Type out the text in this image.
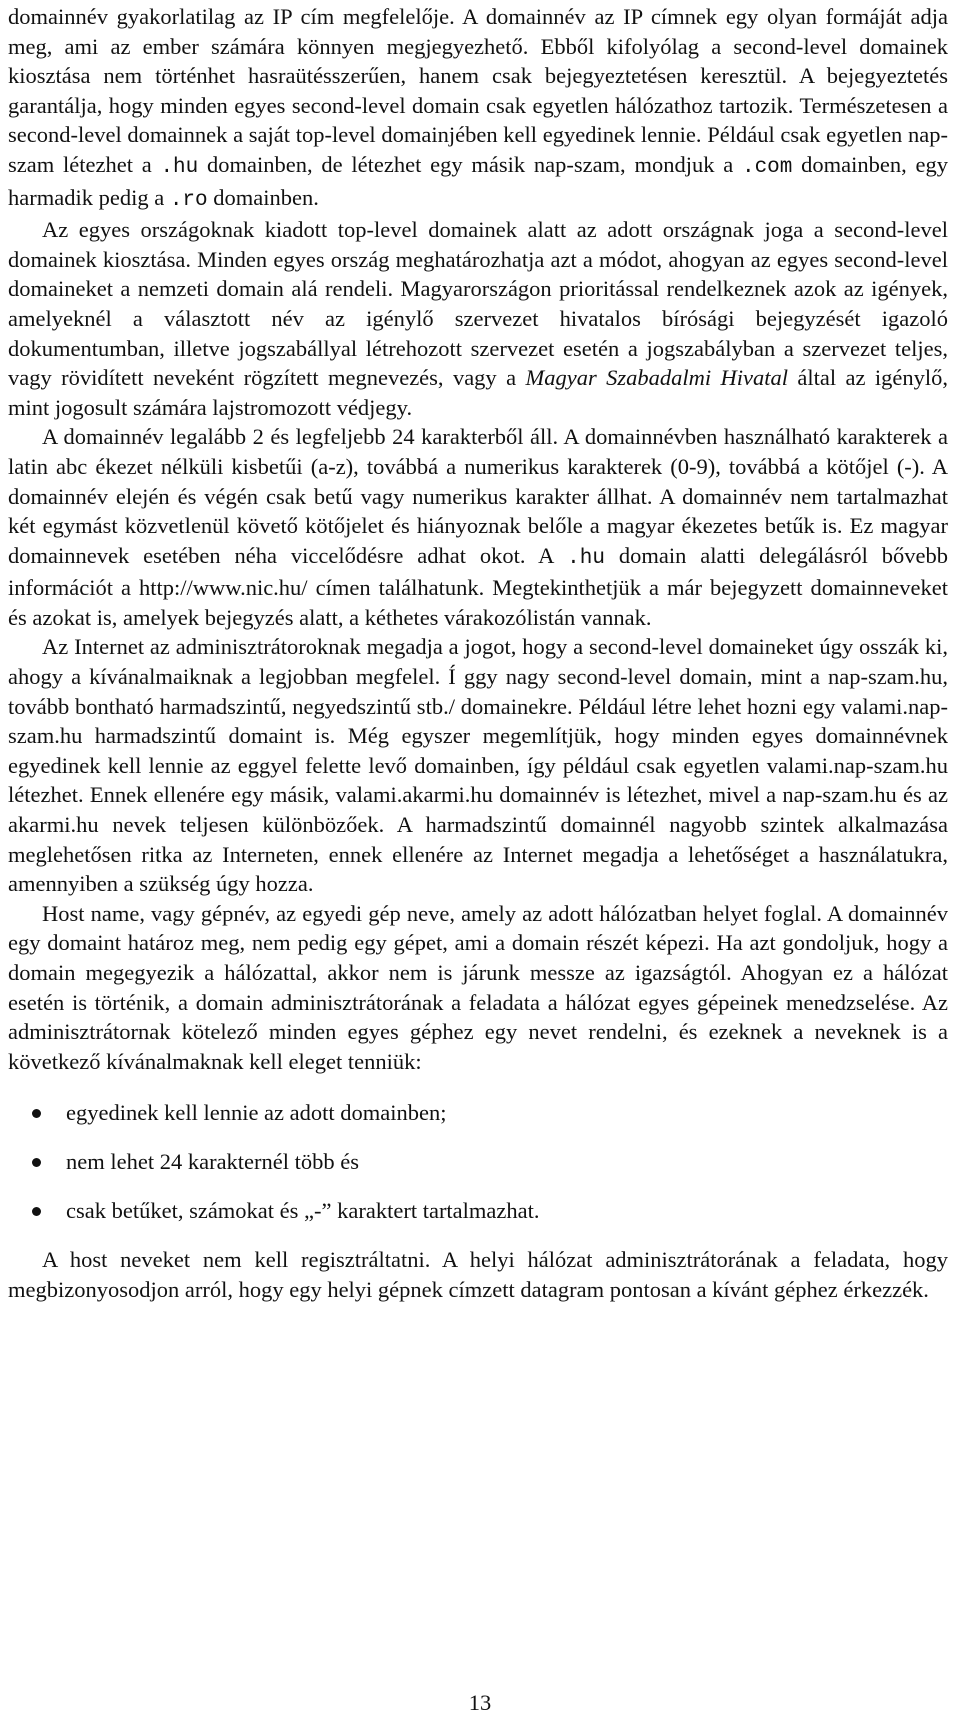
domainnév gyakorlatilag az IP cím megfelelője. A domainnév az IP címnek egy olyan formáját adja meg, ami az ember számára könnyen megjegyezhető. Ebből kifolyólag a second-level domainek kiosztása nem történhet hasraütésszerűen, hanem csak bejegyeztetésen keresztül. A bejegyeztetés garantálja, hogy minden egyes second-level domain csak egyetlen hálózathoz tartozik. Természetesen a second-level domainnek a saját top-level domainjében kell egyedinek lennie. Például csak egyetlen nap-szam létezhet a .hu domainben, de létezhet egy másik nap-szam, mondjuk a .com domainben, egy harmadik pedig a .ro domainben.

Az egyes országoknak kiadott top-level domainek alatt az adott országnak joga a second-level domainek kiosztása. Minden egyes ország meghatározhatja azt a módot, ahogyan az egyes second-level domaineket a nemzeti domain alá rendeli. Magyarországon prioritással rendelkeznek azok az igények, amelyeknél a választott név az igénylő szervezet hivatalos bírósági bejegyzését igazoló dokumentumban, illetve jogszabállyal létrehozott szervezet esetén a jogszabályban a szervezet teljes, vagy rövidített neveként rögzített megnevezés, vagy a Magyar Szabadalmi Hivatal által az igénylő, mint jogosult számára lajstromozott védjegy.

A domainnév legalább 2 és legfeljebb 24 karakterből áll. A domainnévben használható karakterek a latin abc ékezet nélküli kisbetűi (a-z), továbbá a numerikus karakterek (0-9), továbbá a kötőjel (-). A domainnév elején és végén csak betű vagy numerikus karakter állhat. A domainnév nem tartalmazhat két egymást közvetlenül követő kötőjelet és hiányoznak belőle a magyar ékezetes betűk is. Ez magyar domainnevek esetében néha viccelődésre adhat okot. A .hu domain alatti delegálásról bővebb információt a http://www.nic.hu/ címen találhatunk. Megtekinthetjük a már bejegyzett domainneveket és azokat is, amelyek bejegyzés alatt, a kéthetes várakozólistán vannak.

Az Internet az adminisztrátoroknak megadja a jogot, hogy a second-level domaineket úgy osszák ki, ahogy a kívánalmaiknak a legjobban megfelel. Í ggy nagy second-level domain, mint a nap-szam.hu, tovább bontható harmadszintű, negyedszintű stb./ domainekre. Például létre lehet hozni egy valami.nap-szam.hu harmadszintű domaint is. Még egyszer megemlítjük, hogy minden egyes domainnévnek egyedinek kell lennie az eggyel felette levő domainben, így például csak egyetlen valami.nap-szam.hu létezhet. Ennek ellenére egy másik, valami.akarmi.hu domainnév is létezhet, mivel a nap-szam.hu és az akarmi.hu nevek teljesen különbözőek. A harmadszintű domainnél nagyobb szintek alkalmazása meglehetősen ritka az Interneten, ennek ellenére az Internet megadja a lehetőséget a használatukra, amennyiben a szükség úgy hozza.

Host name, vagy gépnév, az egyedi gép neve, amely az adott hálózatban helyet foglal. A domainnév egy domaint határoz meg, nem pedig egy gépet, ami a domain részét képezi. Ha azt gondoljuk, hogy a domain megegyezik a hálózattal, akkor nem is járunk messze az igazságtól. Ahogyan ez a hálózat esetén is történik, a domain adminisztrátorának a feladata a hálózat egyes gépeinek menedzselése. Az adminisztrátornak kötelező minden egyes géphez egy nevet rendelni, és ezeknek a neveknek is a következő kívánalmaknak kell eleget tenniük:

egyedinek kell lennie az adott domainben;
nem lehet 24 karakternél több és
csak betűket, számokat és „-” karaktert tartalmazhat.

A host neveket nem kell regisztráltatni. A helyi hálózat adminisztrátorának a feladata, hogy megbizonyosodjon arról, hogy egy helyi gépnek címzett datagram pontosan a kívánt géphez érkezzék.

13
